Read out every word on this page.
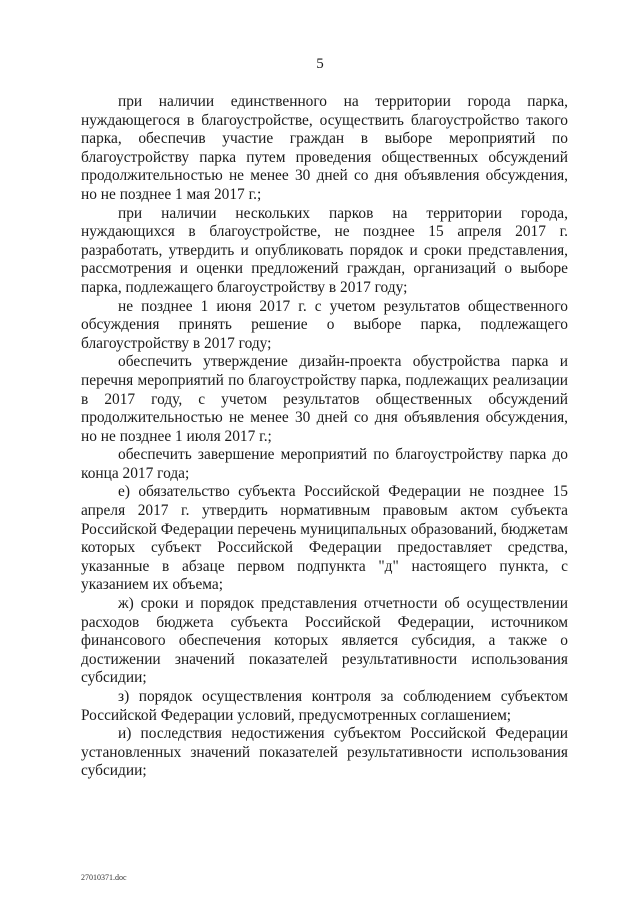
5

при наличии единственного на территории города парка, нуждающегося в благоустройстве, осуществить благоустройство такого парка, обеспечив участие граждан в выборе мероприятий по благоустройству парка путем проведения общественных обсуждений продолжительностью не менее 30 дней со дня объявления обсуждения, но не позднее 1 мая 2017 г.;

при наличии нескольких парков на территории города, нуждающихся в благоустройстве, не позднее 15 апреля 2017 г. разработать, утвердить и опубликовать порядок и сроки представления, рассмотрения и оценки предложений граждан, организаций о выборе парка, подлежащего благоустройству в 2017 году;

не позднее 1 июня 2017 г. с учетом результатов общественного обсуждения принять решение о выборе парка, подлежащего благоустройству в 2017 году;

обеспечить утверждение дизайн-проекта обустройства парка и перечня мероприятий по благоустройству парка, подлежащих реализации в 2017 году, с учетом результатов общественных обсуждений продолжительностью не менее 30 дней со дня объявления обсуждения, но не позднее 1 июля 2017 г.;

обеспечить завершение мероприятий по благоустройству парка до конца 2017 года;

е) обязательство субъекта Российской Федерации не позднее 15 апреля 2017 г. утвердить нормативным правовым актом субъекта Российской Федерации перечень муниципальных образований, бюджетам которых субъект Российской Федерации предоставляет средства, указанные в абзаце первом подпункта "д" настоящего пункта, с указанием их объема;

ж) сроки и порядок представления отчетности об осуществлении расходов бюджета субъекта Российской Федерации, источником финансового обеспечения которых является субсидия, а также о достижении значений показателей результативности использования субсидии;

з) порядок осуществления контроля за соблюдением субъектом Российской Федерации условий, предусмотренных соглашением;

и) последствия недостижения субъектом Российской Федерации установленных значений показателей результативности использования субсидии;

27010371.doc
